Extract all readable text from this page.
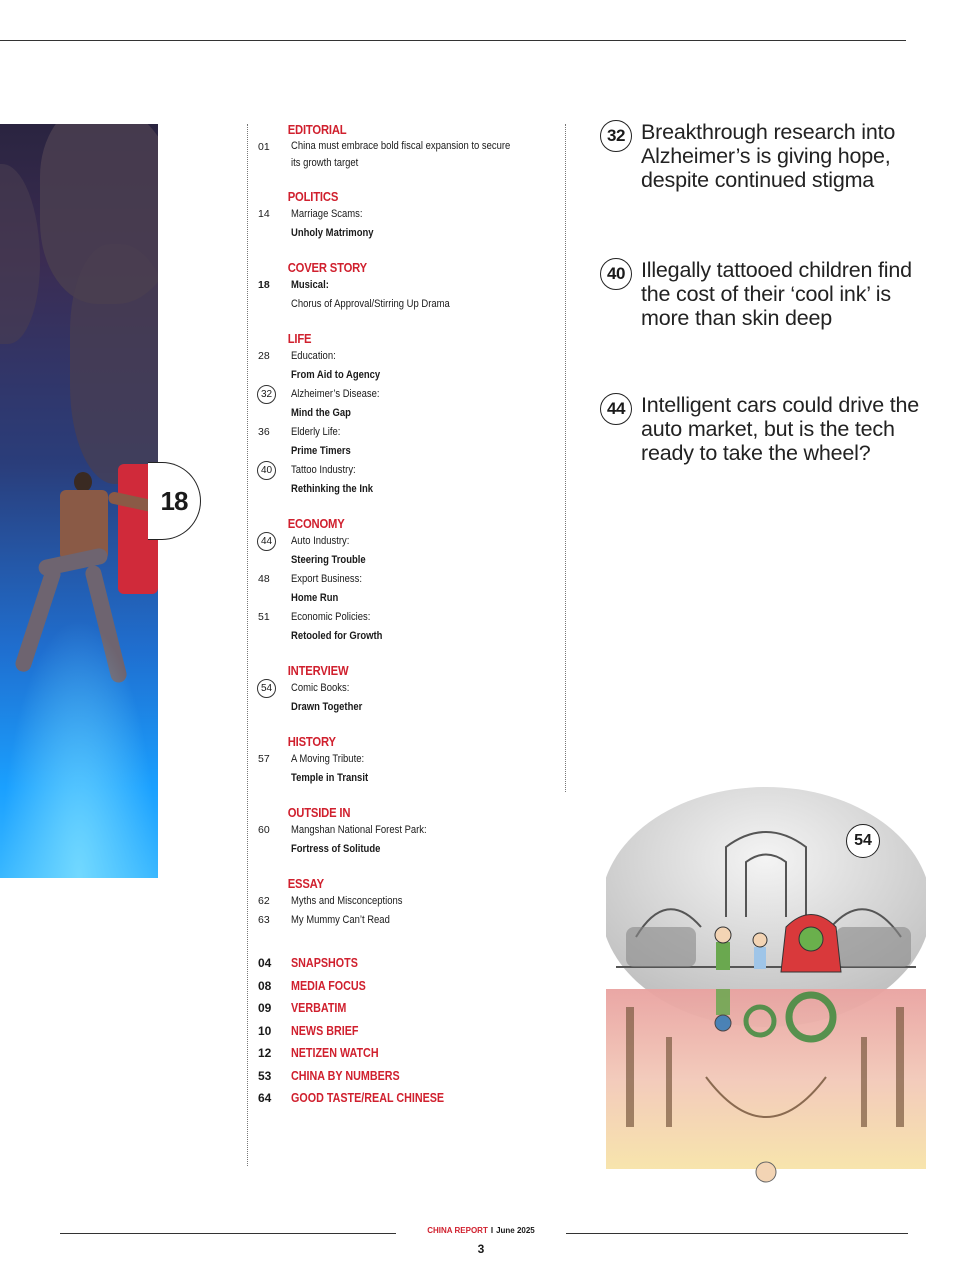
18
EDITORIAL
01	China must embrace bold fiscal expansion to secure its growth target
POLITICS
14	Marriage Scams:
Unholy Matrimony
COVER STORY
18	Musical:
Chorus of Approval/Stirring Up Drama
LIFE
28	Education:
From Aid to Agency
32	Alzheimer’s Disease:
Mind the Gap
36	Elderly Life:
Prime Timers
40	Tattoo Industry:
Rethinking the Ink
ECONOMY
44	Auto Industry:
Steering Trouble
48	Export Business:
Home Run
51	Economic Policies:
Retooled for Growth
INTERVIEW
54	Comic Books:
Drawn Together
HISTORY
57	A Moving Tribute:
Temple in Transit
OUTSIDE IN
60	Mangshan National Forest Park:
Fortress of Solitude
ESSAY
62	Myths and Misconceptions
63	My Mummy Can’t Read
04	SNAPSHOTS
08	MEDIA FOCUS
09	VERBATIM
10	NEWS BRIEF
12	NETIZEN WATCH
53	CHINA BY NUMBERS
64	GOOD TASTE/REAL CHINESE
32 Breakthrough research into Alzheimer’s is giving hope, despite continued stigma
40 Illegally tattooed children find the cost of their ‘cool ink’ is more than skin deep
44 Intelligent cars could drive the auto market, but is the tech ready to take the wheel?
54
CHINA REPORT I June 2025
3
